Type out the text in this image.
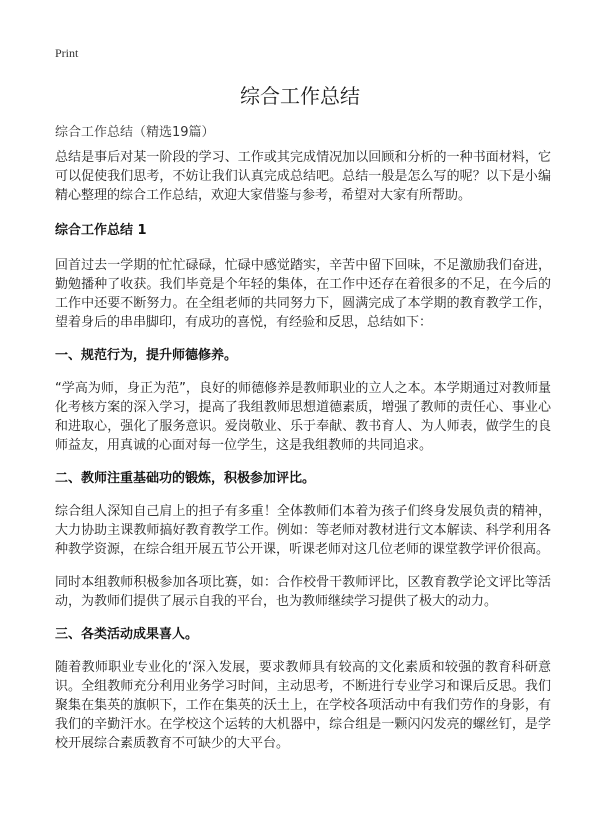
Print
综合工作总结
综合工作总结（精选19篇）

总结是事后对某一阶段的学习、工作或其完成情况加以回顾和分析的一种书面材料，它可以促使我们思考，不妨让我们认真完成总结吧。总结一般是怎么写的呢？以下是小编精心整理的综合工作总结，欢迎大家借鉴与参考，希望对大家有所帮助。

综合工作总结 1

回首过去一学期的忙忙碌碌，忙碌中感觉踏实，辛苦中留下回味，不足激励我们奋进，勤勉播种了收获。我们毕竟是个年轻的集体，在工作中还存在着很多的不足，在今后的工作中还要不断努力。在全组老师的共同努力下，圆满完成了本学期的教育教学工作，望着身后的串串脚印，有成功的喜悦，有经验和反思，总结如下：

一、规范行为，提升师德修养。

“学高为师，身正为范”，良好的师德修养是教师职业的立人之本。本学期通过对教师量化考核方案的深入学习，提高了我组教师思想道德素质，增强了教师的责任心、事业心和进取心，强化了服务意识。爱岗敬业、乐于奉献、教书育人、为人师表，做学生的良师益友，用真诚的心面对每一位学生，这是我组教师的共同追求。

二、教师注重基础功的锻炼，积极参加评比。

综合组人深知自己肩上的担子有多重！全体教师们本着为孩子们终身发展负责的精神，大力协助主课教师搞好教育教学工作。例如：等老师对教材进行文本解读、科学利用各种教学资源，在综合组开展五节公开课，听课老师对这几位老师的课堂教学评价很高。

同时本组教师积极参加各项比赛，如：合作校骨干教师评比，区教育教学论文评比等活动，为教师们提供了展示自我的平台，也为教师继续学习提供了极大的动力。

三、各类活动成果喜人。

随着教师职业专业化的‘深入发展，要求教师具有较高的文化素质和较强的教育科研意识。全组教师充分利用业务学习时间，主动思考，不断进行专业学习和课后反思。我们聚集在集英的旗帜下，工作在集英的沃土上，在学校各项活动中有我们劳作的身影，有我们的辛勤汗水。在学校这个运转的大机器中，综合组是一颗闪闪发亮的螺丝钉，是学校开展综合素质教育不可缺少的大平台。
